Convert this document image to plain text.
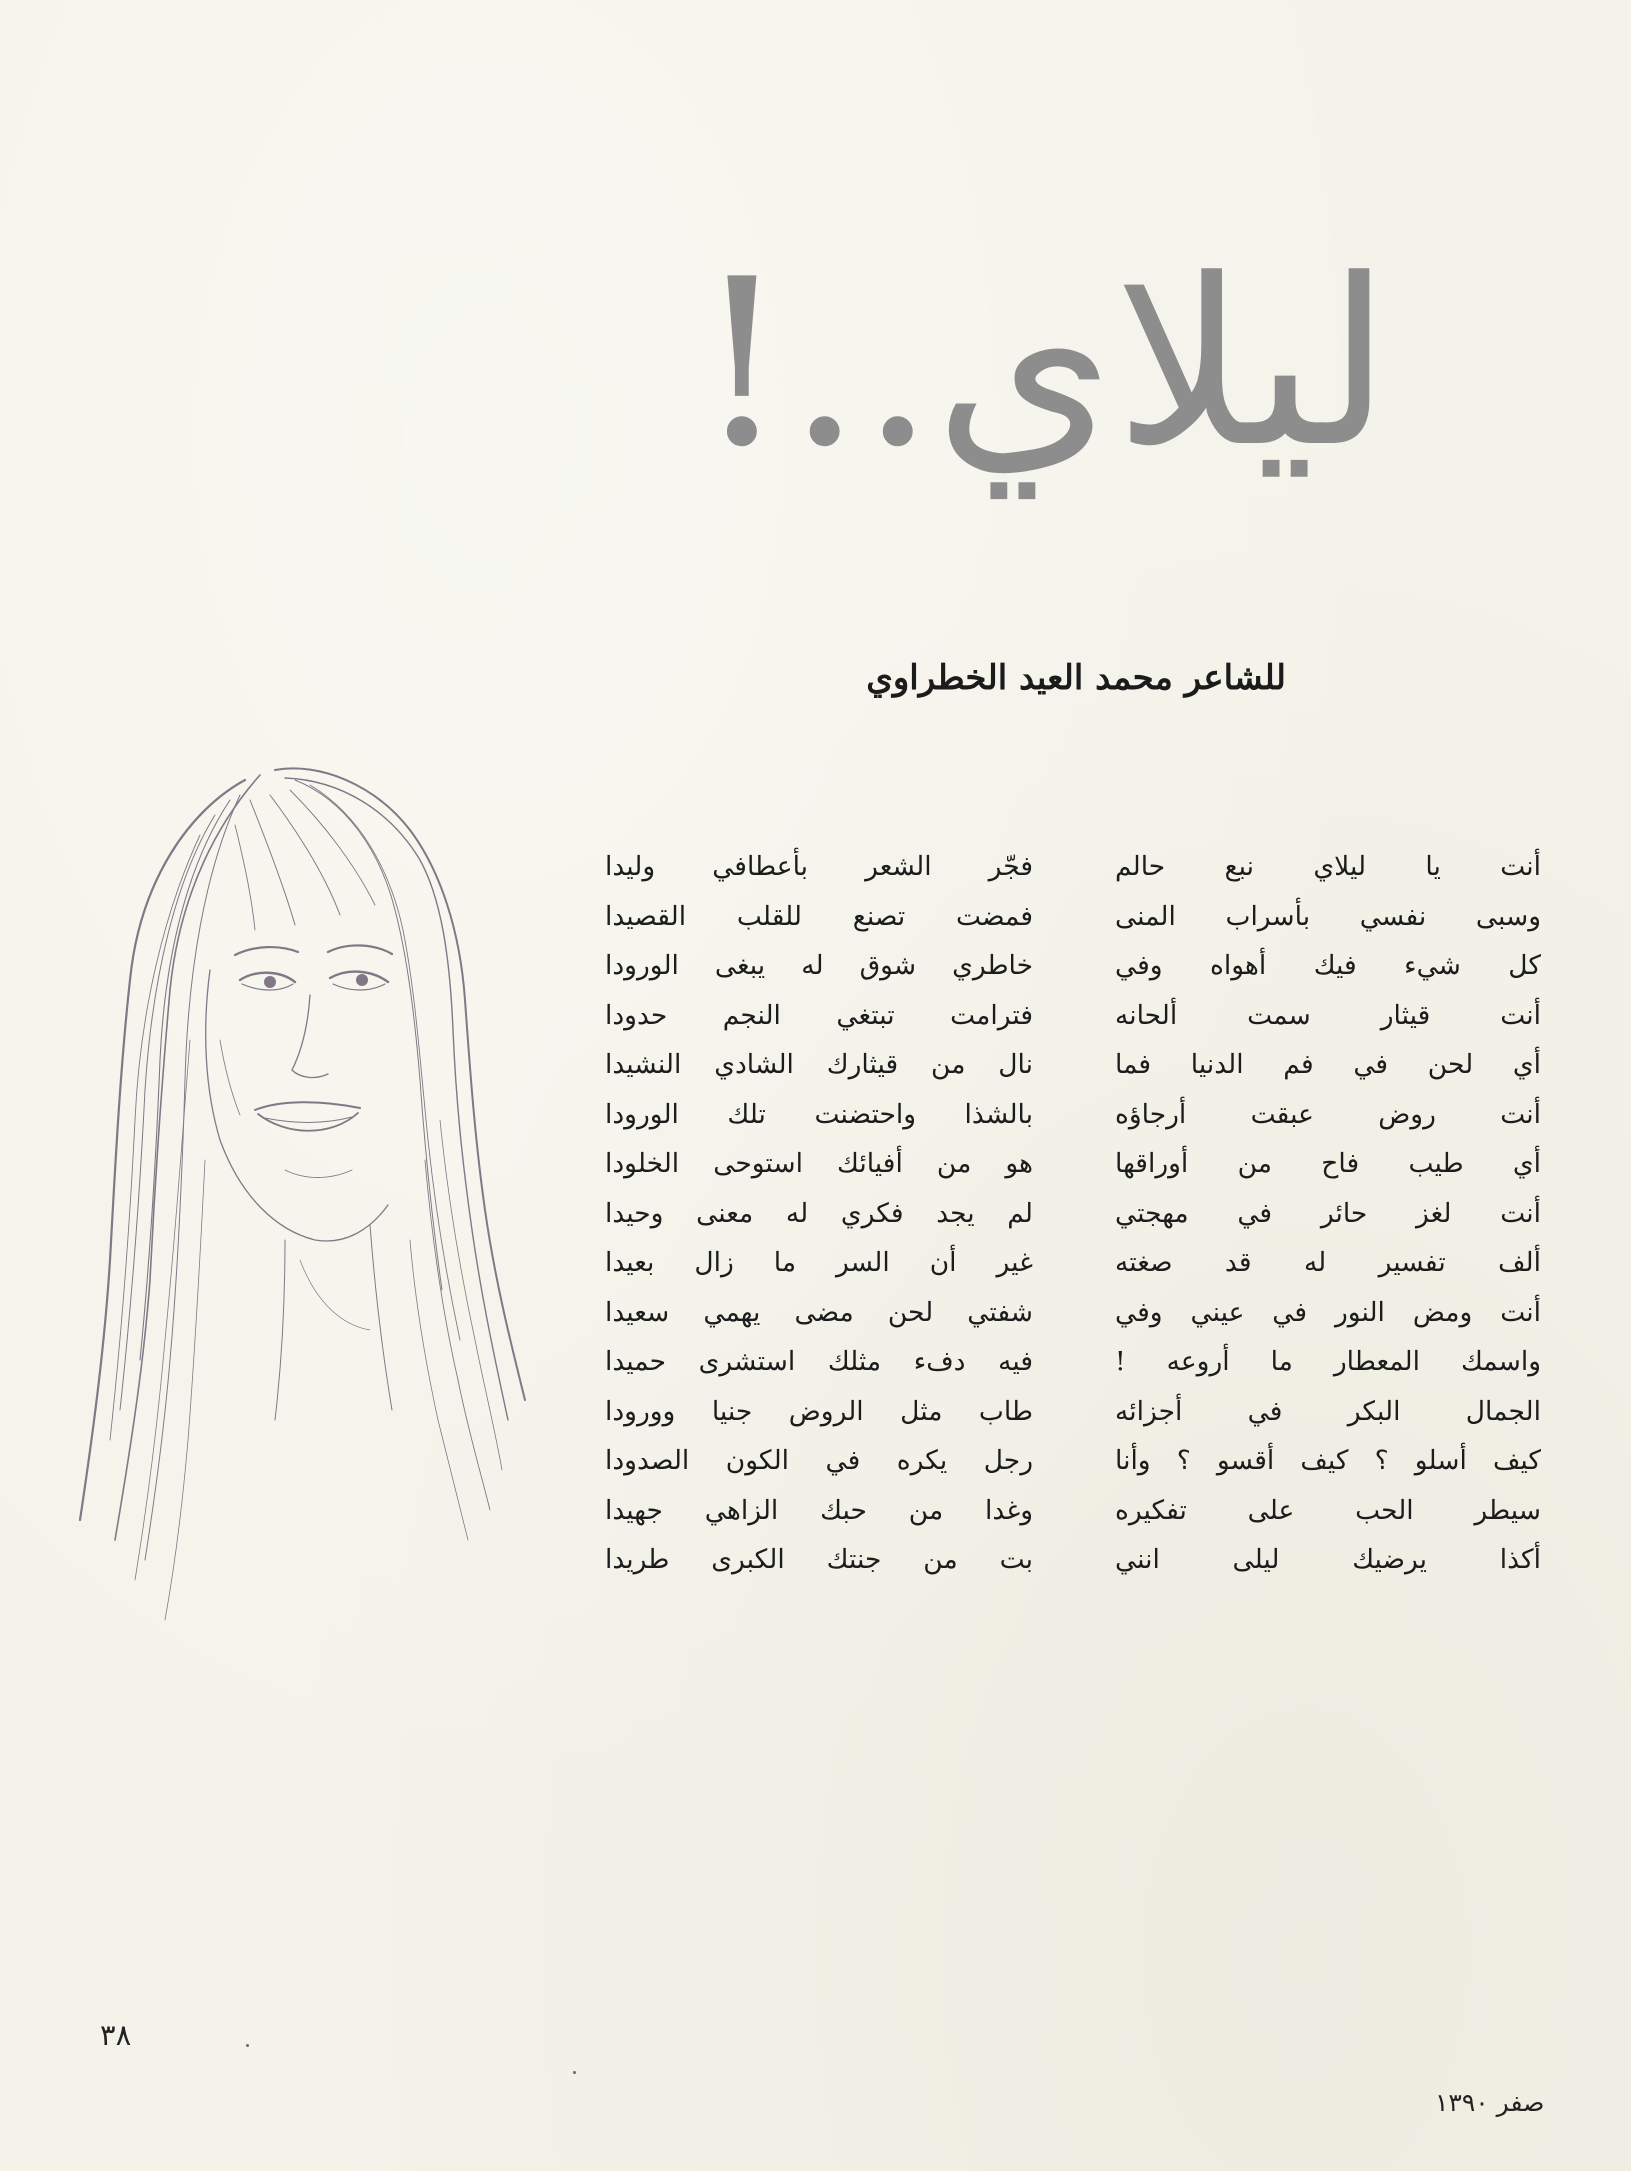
ليلاي..!
للشاعر محمد العيد الخطراوي
أنت يا ليلاي نبع حالم
وسبى نفسي بأسراب المنى
كل شيء فيك أهواه وفي
أنت قيثار سمت ألحانه
أي لحن في فم الدنيا فما
أنت روض عبقت أرجاؤه
أي طيب فاح من أوراقها
أنت لغز حائر في مهجتي
ألف تفسير له قد صغته
أنت ومض النور في عيني وفي
واسمك المعطار ما أروعه !
الجمال البكر في أجزائه
كيف أسلو ؟ كيف أقسو ؟ وأنا
سيطر الحب على تفكيره
أكذا يرضيك ليلى انني
فجّر الشعر بأعطافي وليدا
فمضت تصنع للقلب القصيدا
خاطري شوق له يبغى الورودا
فترامت تبتغي النجم حدودا
نال من قيثارك الشادي النشيدا
بالشذا واحتضنت تلك الورودا
هو من أفيائك استوحى الخلودا
لم يجد فكري له معنى وحيدا
غير أن السر ما زال بعيدا
شفتي لحن مضى يهمي سعيدا
فيه دفء مثلك استشرى حميدا
طاب مثل الروض جنيا وورودا
رجل يكره في الكون الصدودا
وغدا من حبك الزاهي جهيدا
بت من جنتك الكبرى طريدا
٣٨
صفر ١٣٩٠
